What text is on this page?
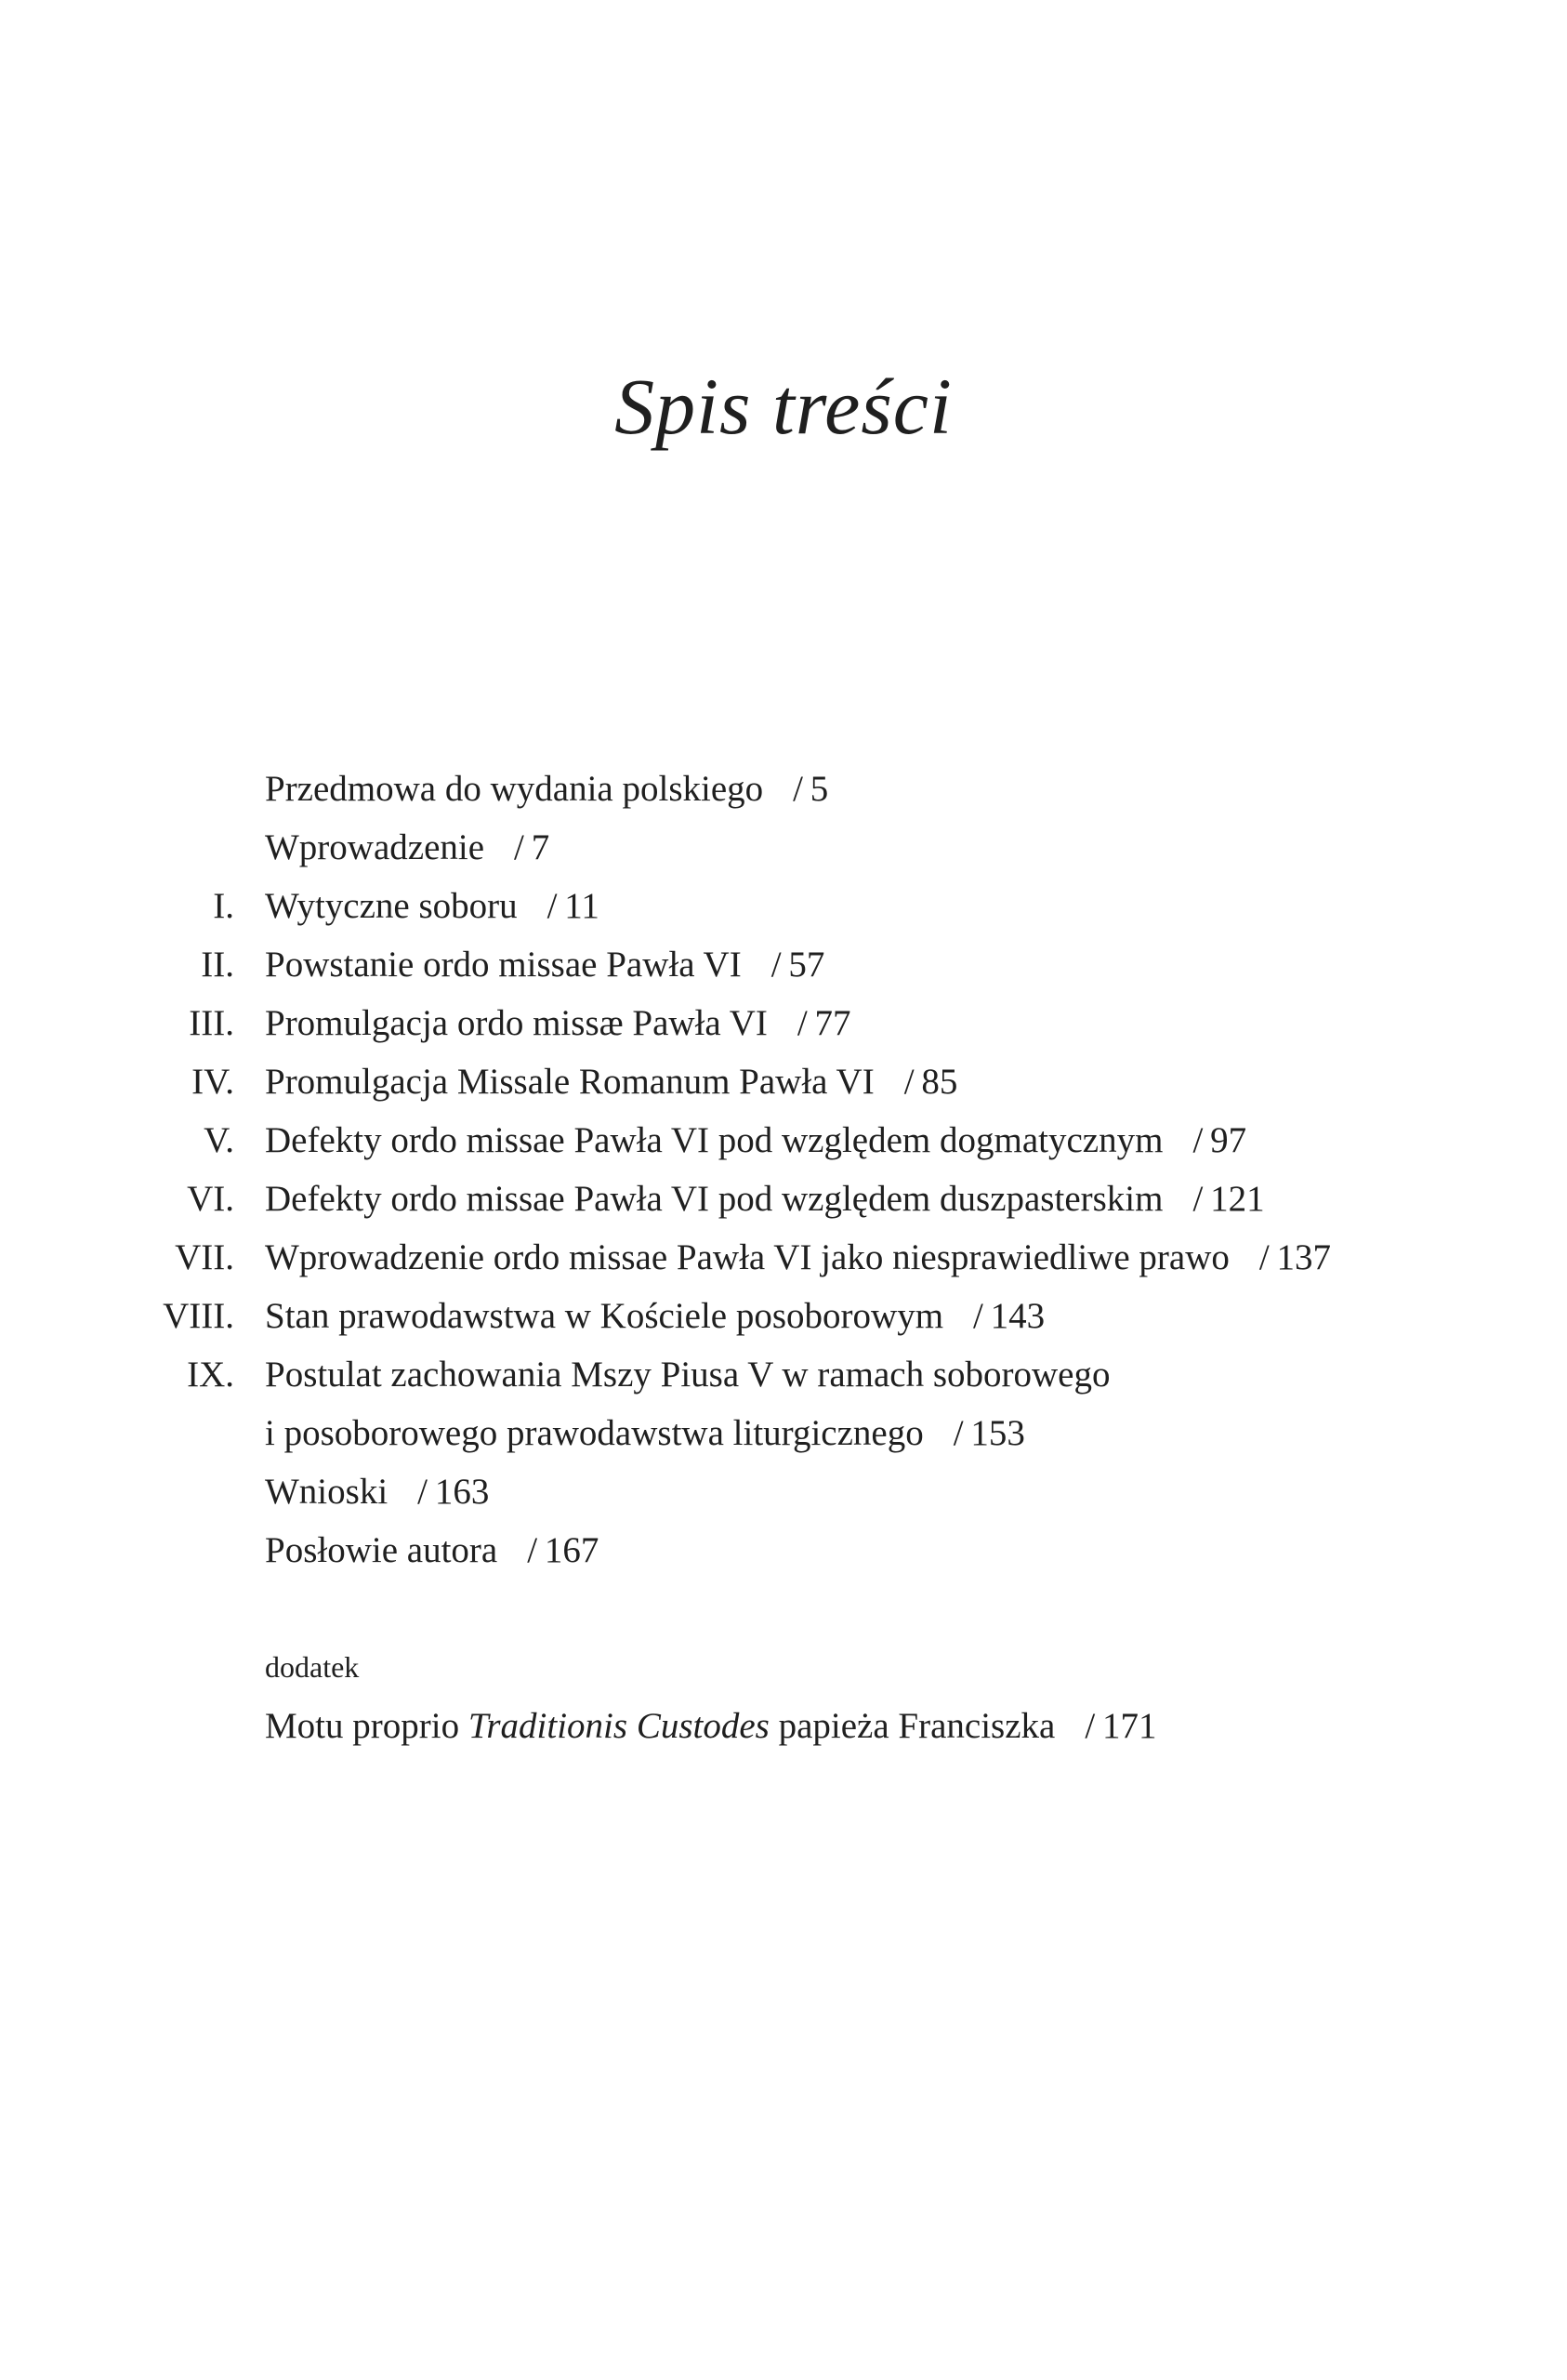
Spis treści
Przedmowa do wydania polskiego / 5
Wprowadzenie / 7
I. Wytyczne soboru / 11
II. Powstanie ordo missae Pawła VI / 57
III. Promulgacja ordo missæ Pawła VI / 77
IV. Promulgacja Missale Romanum Pawła VI / 85
V. Defekty ordo missae Pawła VI pod względem dogmatycznym / 97
VI. Defekty ordo missae Pawła VI pod względem duszpasterskim / 121
VII. Wprowadzenie ordo missae Pawła VI jako niesprawiedliwe prawo / 137
VIII. Stan prawodawstwa w Kościele posoborowym / 143
IX. Postulat zachowania Mszy Piusa V w ramach soborowego
i posoborowego prawodawstwa liturgicznego / 153
Wnioski / 163
Posłowie autora / 167
dodatek
Motu proprio Traditionis Custodes papieża Franciszka / 171
